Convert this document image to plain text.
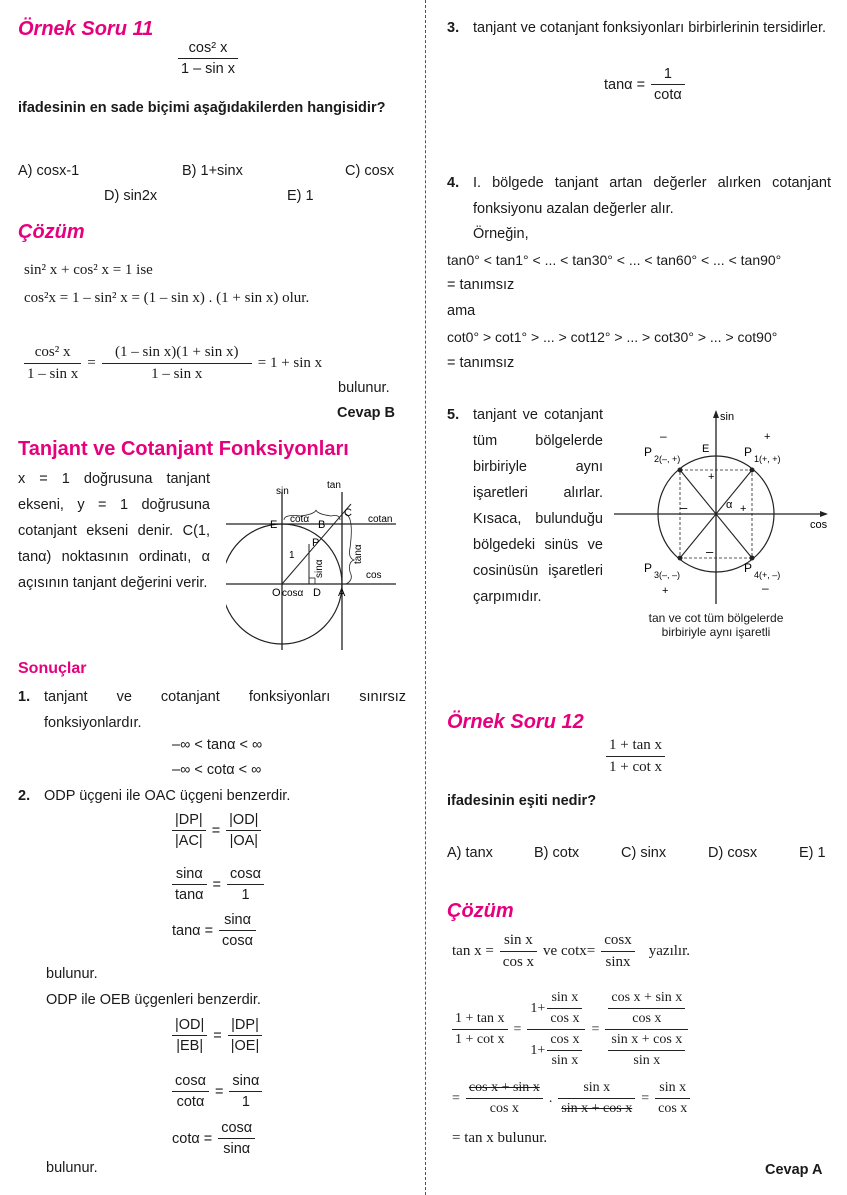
Örnek Soru 11
$\frac{\text{cos² x}}{\text{1 – sin x}}$
ifadesinin en sade biçimi aşağıdakilerden hangisidir?
A) cosx-1	B) 1+sinx	C) cosx
D) sin2x	E) 1
Çözüm
sin² x + cos² x = 1 ise
cos²x = 1 – sin² x = (1 – sin x) . (1 + sin x) olur.
$\frac{\text{cos² x}}{\text{1 – sin x}} = \frac{\text{(1 – sin x)(1 + sin x)}}{\text{1 – sin x}} = 1 + \sin x$
bulunur.
Cevap B
Tanjant ve Cotanjant Fonksiyonları
x = 1 doğrusuna tanjant ekseni, y = 1 doğrusuna cotanjant ekseni denir. C(1, tanα) noktasının ordinatı, α açısının tanjant değerini verir.
sin
tan
cotan
cos
E	B
C
P
O	D A
1
cotα
cosα
tanα
sinα
Sonuçlar
1. tanjant ve cotanjant fonksiyonları sınırsız fonksiyonlardır.
–∞ < tanα < ∞
–∞ < cotα < ∞
2. ODP üçgeni ile OAC üçgeni benzerdir.
$\frac{|DP|}{|AC|} = \frac{|OD|}{|OA|}$
$\frac{\sin\alpha}{\tan\alpha} = \frac{\cos\alpha}{1}$
$\tan\alpha = \frac{\sin\alpha}{\cos\alpha}$
bulunur.
ODP ile OEB üçgenleri benzerdir.
$\frac{|OD|}{|EB|} = \frac{|DP|}{|OE|}$
$\frac{\cos\alpha}{\cot\alpha} = \frac{\sin\alpha}{1}$
$\cot\alpha = \frac{\cos\alpha}{\sin\alpha}$
bulunur.
3. tanjant ve cotanjant fonksiyonları birbirlerinin tersidirler.
$\tan\alpha = \frac{1}{\cot\alpha}$
4. I. bölgede tanjant artan değerler alırken cotanjant fonksiyonu azalan değerler alır.
Örneğin,
tan0° < tan1° < ... < tan30° < ... < tan60° < ... < tan90°
= tanımsız
ama
cot0° > cot1° > ... > cot12° > ... > cot30° > ... > cot90°
= tanımsız
5. tanjant ve cotanjant tüm bölgelerde birbiriyle aynı işaretleri alırlar. Kısaca, bulunduğu bölgedeki sinüs ve cosinüsün işaretleri çarpımıdır.
sin
cos
E	P 1(+, +)
P 2(–, +)
P 3(–, –)	P 4(+, –)
α
–	+
+	–
+
–	+
–
tan ve cot tüm bölgelerde
birbiriyle aynı işaretli
Örnek Soru 12
$\frac{\text{1 + tan x}}{\text{1 + cot x}}$
ifadesinin eşiti nedir?
A) tanx	B) cotx	C) sinx	D) cosx	E) 1
Çözüm
$\tan x = \frac{\text{sin x}}{\text{cos x}}$ ve $\cot x= \frac{\cos x}{\sin x}$ yazılır.
$\frac{\text{1 + tan x}}{\text{1 + cot x}} = \frac{1+ \frac{\text{sin x}}{\text{cos x}}}{1+ \frac{\text{cos x}}{\text{sin x}}} = \frac{\frac{\text{cos x + sin x}}{\text{cos x}}}{\frac{\text{sin x + cos x}}{\text{sin x}}}$
= $\frac{\text{cos x + sin x}}{\text{cos x}}$ . $\frac{\text{sin x}}{\text{sin x + cos x}} = \frac{\text{sin x}}{\text{cos x}}$
= tan x bulunur.
Cevap A
